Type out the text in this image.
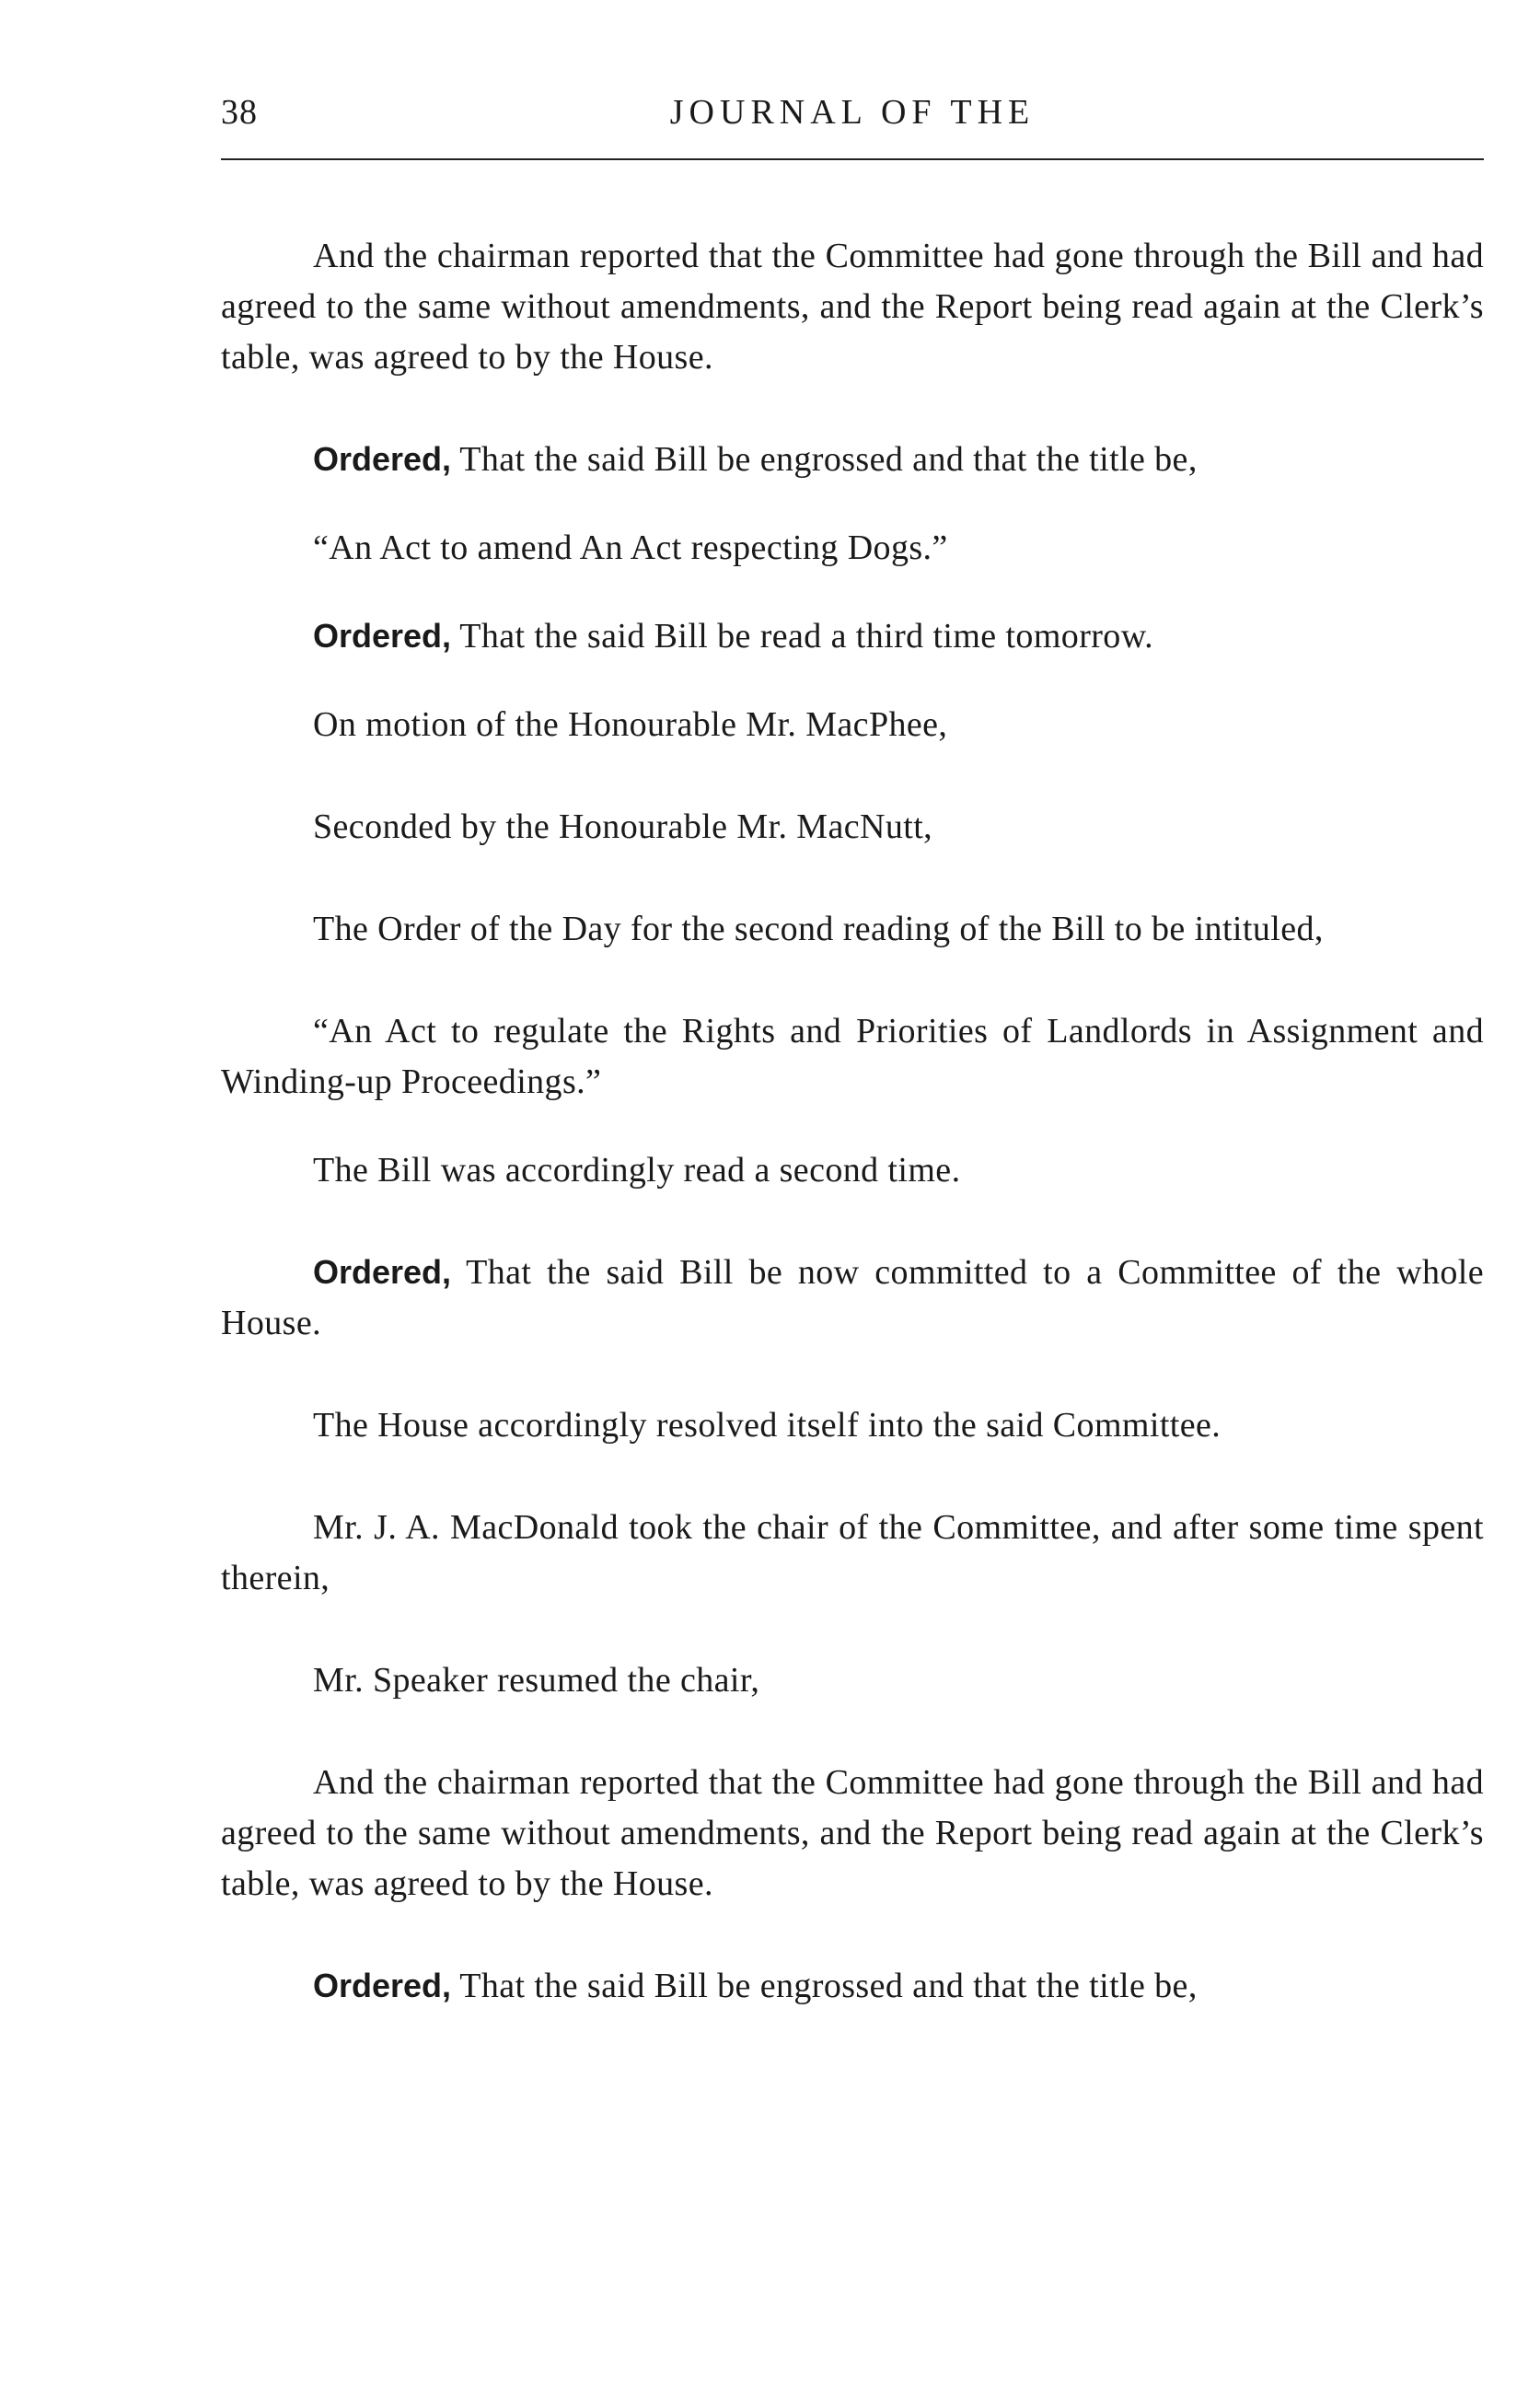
38	JOURNAL OF THE

And the chairman reported that the Committee had gone through the Bill and had agreed to the same without amendments, and the Report being read again at the Clerk’s table, was agreed to by the House.

Ordered, That the said Bill be engrossed and that the title be,

“An Act to amend An Act respecting Dogs.”

Ordered, That the said Bill be read a third time tomorrow.

On motion of the Honourable Mr. MacPhee,

Seconded by the Honourable Mr. MacNutt,

The Order of the Day for the second reading of the Bill to be intituled,

“An Act to regulate the Rights and Priorities of Landlords in Assignment and Winding-up Proceedings.”

The Bill was accordingly read a second time.

Ordered, That the said Bill be now committed to a Committee of the whole House.

The House accordingly resolved itself into the said Committee.

Mr. J. A. MacDonald took the chair of the Committee, and after some time spent therein,

Mr. Speaker resumed the chair,

And the chairman reported that the Committee had gone through the Bill and had agreed to the same without amendments, and the Report being read again at the Clerk’s table, was agreed to by the House.

Ordered, That the said Bill be engrossed and that the title be,
